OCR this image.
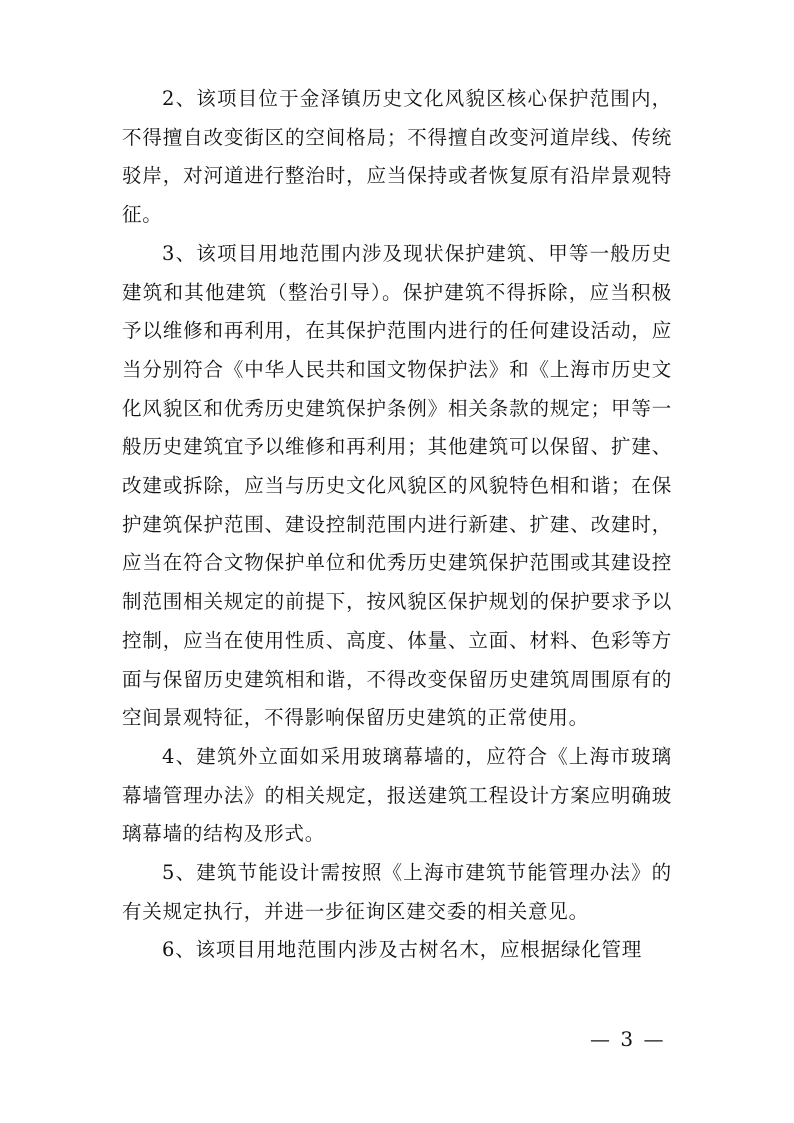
2、该项目位于金泽镇历史文化风貌区核心保护范围内，不得擅自改变街区的空间格局；不得擅自改变河道岸线、传统驳岸，对河道进行整治时，应当保持或者恢复原有沿岸景观特征。

3、该项目用地范围内涉及现状保护建筑、甲等一般历史建筑和其他建筑（整治引导）。保护建筑不得拆除，应当积极予以维修和再利用，在其保护范围内进行的任何建设活动，应当分别符合《中华人民共和国文物保护法》和《上海市历史文化风貌区和优秀历史建筑保护条例》相关条款的规定；甲等一般历史建筑宜予以维修和再利用；其他建筑可以保留、扩建、改建或拆除，应当与历史文化风貌区的风貌特色相和谐；在保护建筑保护范围、建设控制范围内进行新建、扩建、改建时，应当在符合文物保护单位和优秀历史建筑保护范围或其建设控制范围相关规定的前提下，按风貌区保护规划的保护要求予以控制，应当在使用性质、高度、体量、立面、材料、色彩等方面与保留历史建筑相和谐，不得改变保留历史建筑周围原有的空间景观特征，不得影响保留历史建筑的正常使用。

4、建筑外立面如采用玻璃幕墙的，应符合《上海市玻璃幕墙管理办法》的相关规定，报送建筑工程设计方案应明确玻璃幕墙的结构及形式。

5、建筑节能设计需按照《上海市建筑节能管理办法》的有关规定执行，并进一步征询区建交委的相关意见。

6、该项目用地范围内涉及古树名木，应根据绿化管理

— 3 —
